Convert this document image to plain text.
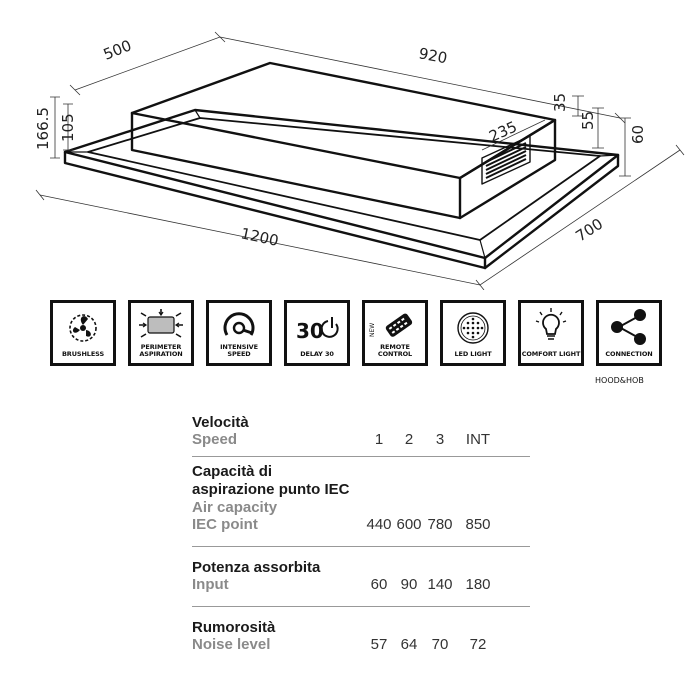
1200
920
700
500
166.5 105
35
55
60
235
BRUSHLESS
PERIMETER ASPIRATION
INTENSIVE SPEED
30
DELAY 30
NEW
REMOTE CONTROL	LED LIGHT	COMFORT LIGHT	CONNECTION
HOOD&HOB
Velocità
Speed	1	2	3	INT
Capacità di
aspirazione punto IEC
Air capacity
IEC point	440 600 780 850
Potenza assorbita
Input	60 90 140 180
Rumorosità
Noise level	57 64 70	72
